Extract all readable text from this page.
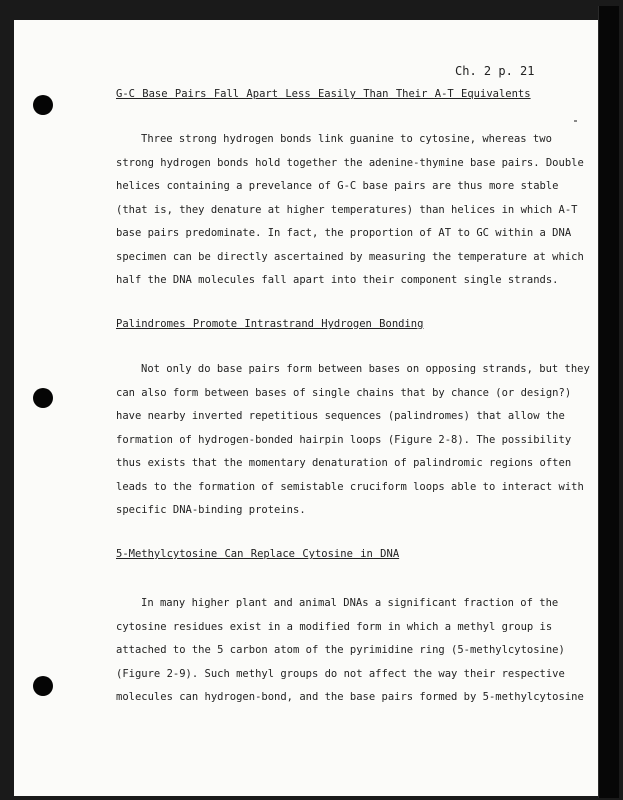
Ch. 2 p. 21
G-C Base Pairs Fall Apart Less Easily Than Their A-T Equivalents

Three strong hydrogen bonds link guanine to cytosine, whereas two
strong hydrogen bonds hold together the adenine-thymine base pairs. Double
helices containing a prevelance of G-C base pairs are thus more stable
(that is, they denature at higher temperatures) than helices in which A-T
base pairs predominate. In fact, the proportion of AT to GC within a DNA
specimen can be directly ascertained by measuring the temperature at which
half the DNA molecules fall apart into their component single strands.

Palindromes Promote Intrastrand Hydrogen Bonding

Not only do base pairs form between bases on opposing strands, but they
can also form between bases of single chains that by chance (or design?)
have nearby inverted repetitious sequences (palindromes) that allow the
formation of hydrogen-bonded hairpin loops (Figure 2-8). The possibility
thus exists that the momentary denaturation of palindromic regions often
leads to the formation of semistable cruciform loops able to interact with
specific DNA-binding proteins.

5-Methylcytosine Can Replace Cytosine in DNA

In many higher plant and animal DNAs a significant fraction of the
cytosine residues exist in a modified form in which a methyl group is
attached to the 5 carbon atom of the pyrimidine ring (5-methylcytosine)
(Figure 2-9). Such methyl groups do not affect the way their respective
molecules can hydrogen-bond, and the base pairs formed by 5-methylcytosine
